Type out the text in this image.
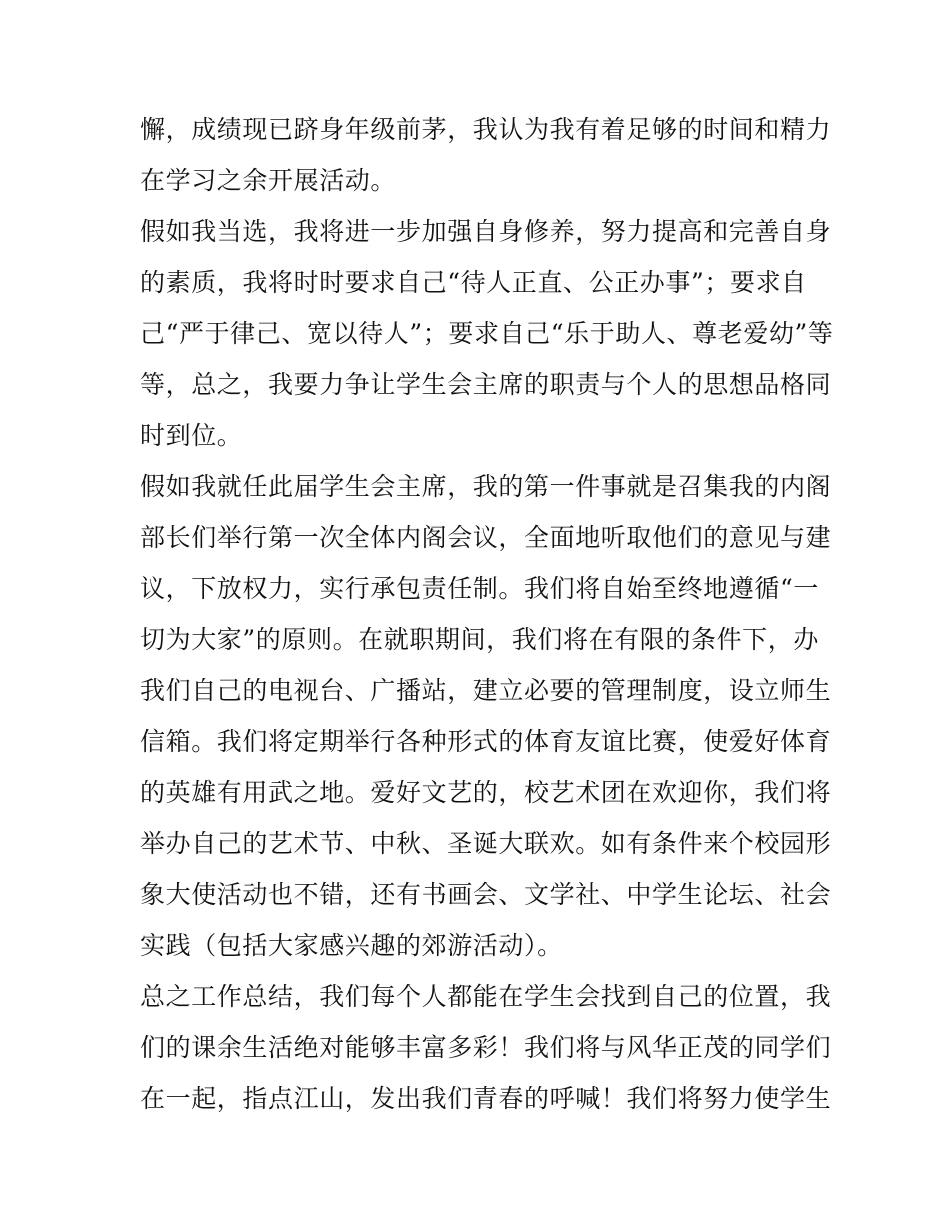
懈，成绩现已跻身年级前茅，我认为我有着足够的时间和精力
在学习之余开展活动。
假如我当选，我将进一步加强自身修养，努力提高和完善自身
的素质，我将时时要求自己“待人正直、公正办事”；要求自
己“严于律己、宽以待人”；要求自己“乐于助人、尊老爱幼”等
等，总之，我要力争让学生会主席的职责与个人的思想品格同
时到位。
假如我就任此届学生会主席，我的第一件事就是召集我的内阁
部长们举行第一次全体内阁会议，全面地听取他们的意见与建
议，下放权力，实行承包责任制。我们将自始至终地遵循“一
切为大家”的原则。在就职期间，我们将在有限的条件下，办
我们自己的电视台、广播站，建立必要的管理制度，设立师生
信箱。我们将定期举行各种形式的体育友谊比赛，使爱好体育
的英雄有用武之地。爱好文艺的，校艺术团在欢迎你，我们将
举办自己的艺术节、中秋、圣诞大联欢。如有条件来个校园形
象大使活动也不错，还有书画会、文学社、中学生论坛、社会
实践（包括大家感兴趣的郊游活动）。
总之工作总结，我们每个人都能在学生会找到自己的位置，我
们的课余生活绝对能够丰富多彩！我们将与风华正茂的同学们
在一起，指点江山，发出我们青春的呼喊！我们将努力使学生
